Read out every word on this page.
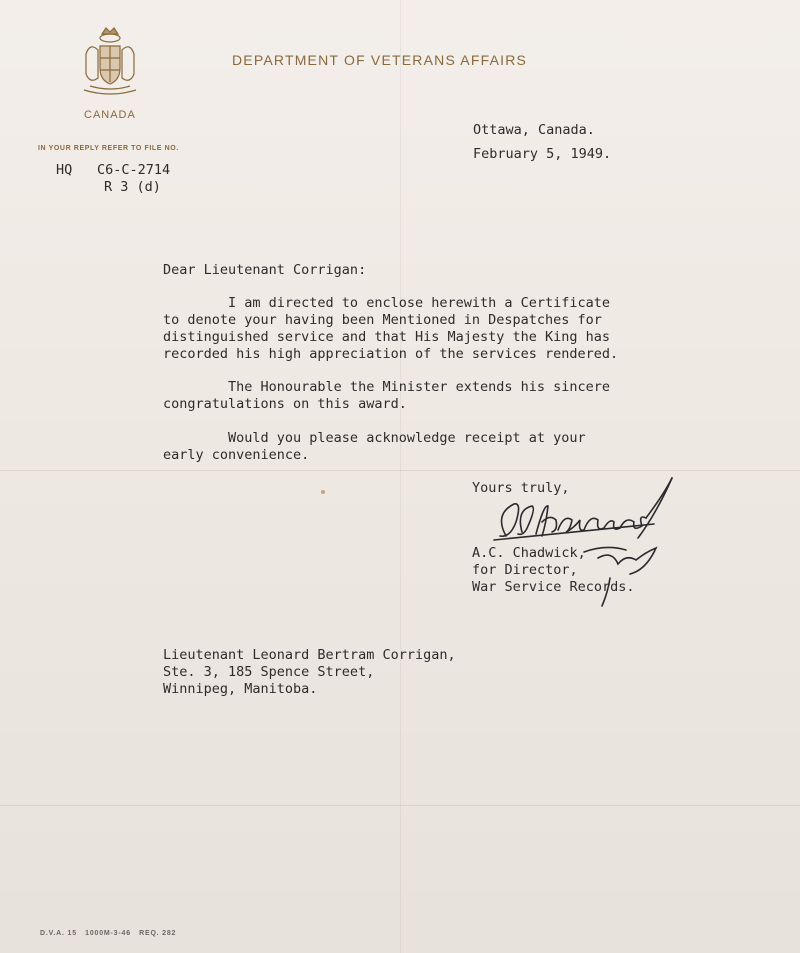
DEPARTMENT OF VETERANS AFFAIRS
CANADA
IN YOUR REPLY REFER TO FILE NO.
HQ C6-C-2714
R 3 (d)
Ottawa, Canada.
February 5, 1949.
Dear Lieutenant Corrigan:
I am directed to enclose herewith a Certificate
to denote your having been Mentioned in Despatches for
distinguished service and that His Majesty the King has
recorded his high appreciation of the services rendered.
The Honourable the Minister extends his sincere
congratulations on this award.
Would you please acknowledge receipt at your
early convenience.
Yours truly,
A.C. Chadwick,
for Director,
War Service Records.
Lieutenant Leonard Bertram Corrigan,
Ste. 3, 185 Spence Street,
Winnipeg, Manitoba.
D.V.A. 15   1000M-3-46   REQ. 282
